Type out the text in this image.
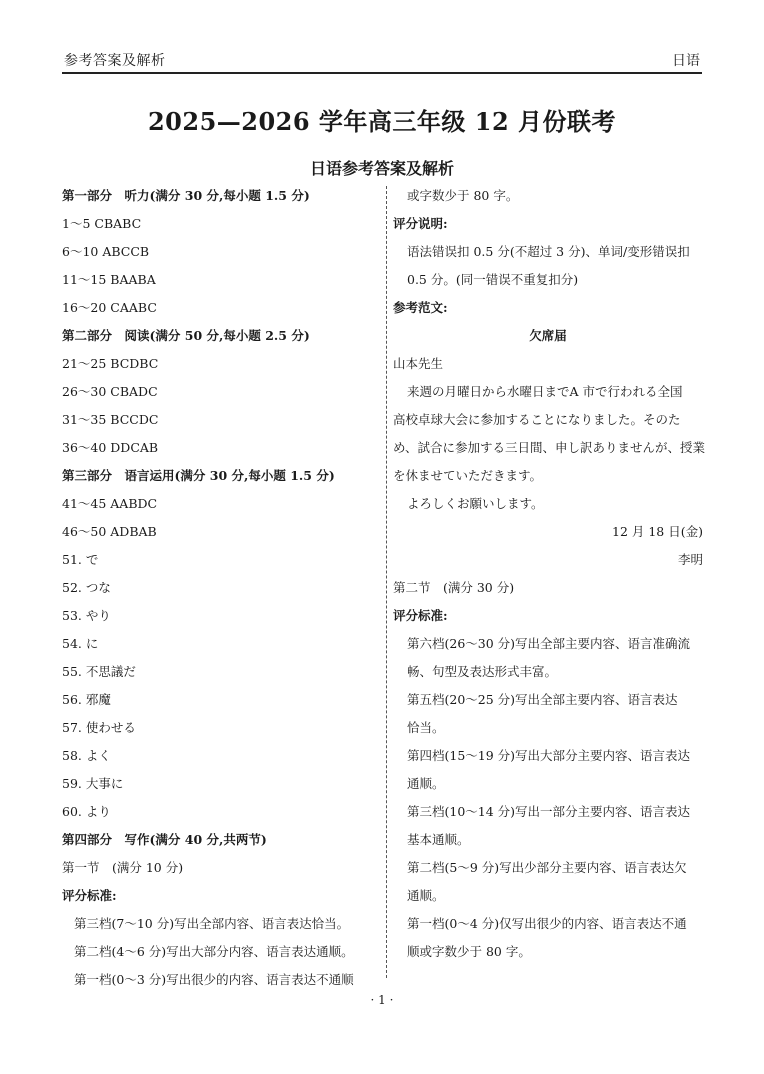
参考答案及解析	日语
2025—2026 学年高三年级 12 月份联考
日语参考答案及解析
第一部分　听力(满分 30 分,每小题 1.5 分)
1～5 CBABC
6～10 ABCCB
11～15 BAABA
16～20 CAABC
第二部分　阅读(满分 50 分,每小题 2.5 分)
21～25 BCDBC
26～30 CBADC
31～35 BCCDC
36～40 DDCAB
第三部分　语言运用(满分 30 分,每小题 1.5 分)
41～45 AABDC
46～50 ADBAB
51. で
52. つな
53. やり
54. に
55. 不思議だ
56. 邪魔
57. 使わせる
58. よく
59. 大事に
60. より
第四部分　写作(满分 40 分,共两节)
第一节　(满分 10 分)
评分标准:
第三档(7～10 分)写出全部内容、语言表达恰当。
第二档(4～6 分)写出大部分内容、语言表达通顺。
第一档(0～3 分)写出很少的内容、语言表达不通顺
或字数少于 80 字。
评分说明:
语法错误扣 0.5 分(不超过 3 分)、单词/变形错误扣
0.5 分。(同一错误不重复扣分)
参考范文:
欠席届
山本先生
来週の月曜日から水曜日までA 市で行われる全国
高校卓球大会に参加することになりました。そのた
め、試合に参加する三日間、申し訳ありませんが、授業
を休ませていただきます。
よろしくお願いします。
12 月 18 日(金)
李明
第二节　(满分 30 分)
评分标准:
第六档(26～30 分)写出全部主要内容、语言准确流
畅、句型及表达形式丰富。
第五档(20～25 分)写出全部主要内容、语言表达
恰当。
第四档(15～19 分)写出大部分主要内容、语言表达
通顺。
第三档(10～14 分)写出一部分主要内容、语言表达
基本通顺。
第二档(5～9 分)写出少部分主要内容、语言表达欠
通顺。
第一档(0～4 分)仅写出很少的内容、语言表达不通
顺或字数少于 80 字。
· 1 ·
